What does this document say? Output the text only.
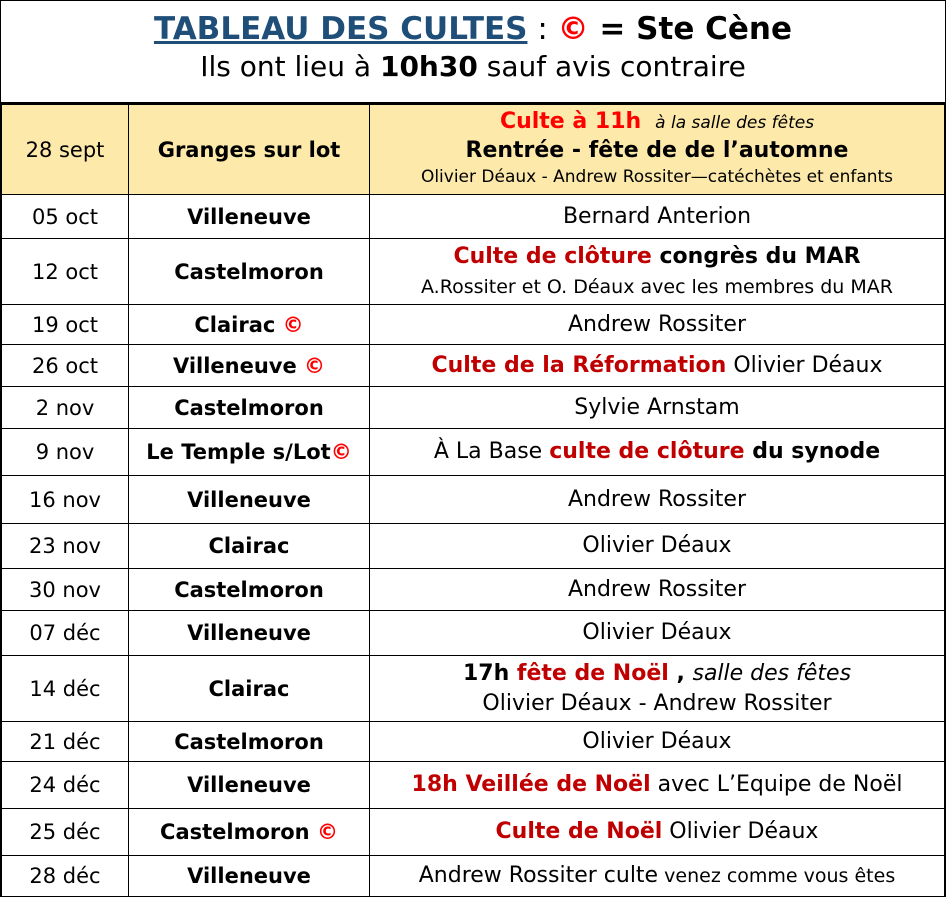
TABLEAU DES CULTES : © = Ste Cène
Ils ont lieu à 10h30 sauf avis contraire
28 sept	Granges sur lot	Culte à 11h à la salle des fêtes
Rentrée - fête de de l’automne
Olivier Déaux - Andrew Rossiter—catéchètes et enfants

05 oct	Villeneuve	Bernard Anterion
12 oct	Castelmoron	Culte de clôture congrès du MAR
A.Rossiter et O. Déaux avec les membres du MAR

19 oct	Clairac ©	Andrew Rossiter
26 oct	Villeneuve ©	Culte de la Réformation Olivier Déaux
2 nov	Castelmoron	Sylvie Arnstam
9 nov	Le Temple s/Lot©	À La Base culte de clôture du synode
16 nov	Villeneuve	Andrew Rossiter
23 nov	Clairac	Olivier Déaux
30 nov	Castelmoron	Andrew Rossiter
07 déc	Villeneuve	Olivier Déaux
14 déc	Clairac	17h fête de Noël , salle des fêtes
Olivier Déaux - Andrew Rossiter

21 déc	Castelmoron	Olivier Déaux
24 déc	Villeneuve	18h Veillée de Noël avec L’Equipe de Noël
25 déc	Castelmoron ©	Culte de Noël Olivier Déaux
28 déc	Villeneuve	Andrew Rossiter culte venez comme vous êtes
